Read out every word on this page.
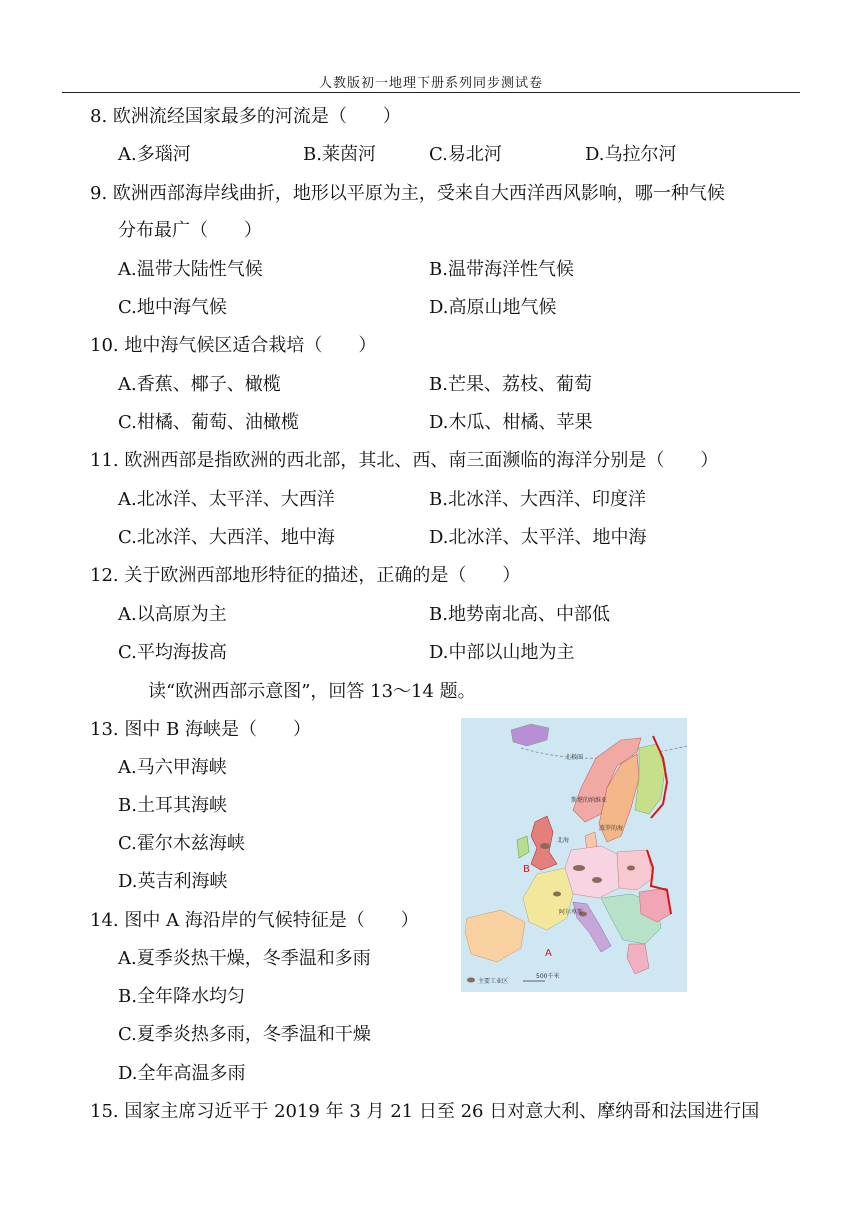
人教版初一地理下册系列同步测试卷
8. 欧洲流经国家最多的河流是（　　）
A.多瑙河	B.莱茵河	C.易北河	D.乌拉尔河
9. 欧洲西部海岸线曲折，地形以平原为主，受来自大西洋西风影响，哪一种气候
分布最广（　　）
A.温带大陆性气候	B.温带海洋性气候
C.地中海气候	D.高原山地气候
10. 地中海气候区适合栽培（　　）
A.香蕉、椰子、橄榄	B.芒果、荔枝、葡萄
C.柑橘、葡萄、油橄榄	D.木瓜、柑橘、苹果
11. 欧洲西部是指欧洲的西北部，其北、西、南三面濒临的海洋分别是（　　）
A.北冰洋、太平洋、大西洋	B.北冰洋、大西洋、印度洋
C.北冰洋、大西洋、地中海	D.北冰洋、太平洋、地中海
12. 关于欧洲西部地形特征的描述，正确的是（　　）
A.以高原为主	B.地势南北高、中部低
C.平均海拔高	D.中部以山地为主
读“欧洲西部示意图”，回答 13～14 题。
13. 图中 B 海峡是（　　）
A.马六甲海峡
B.土耳其海峡
C.霍尔木兹海峡
D.英吉利海峡
14. 图中 A 海沿岸的气候特征是（　　）
A.夏季炎热干燥，冬季温和多雨
B.全年降水均匀
C.夏季炎热多雨，冬季温和干燥
D.全年高温多雨
15. 国家主席习近平于 2019 年 3 月 21 日至 26 日对意大利、摩纳哥和法国进行国
北极圈
斯堪的纳维亚
北海
波罗的海
阿尔卑斯
B
A
主要工业区
500千米
